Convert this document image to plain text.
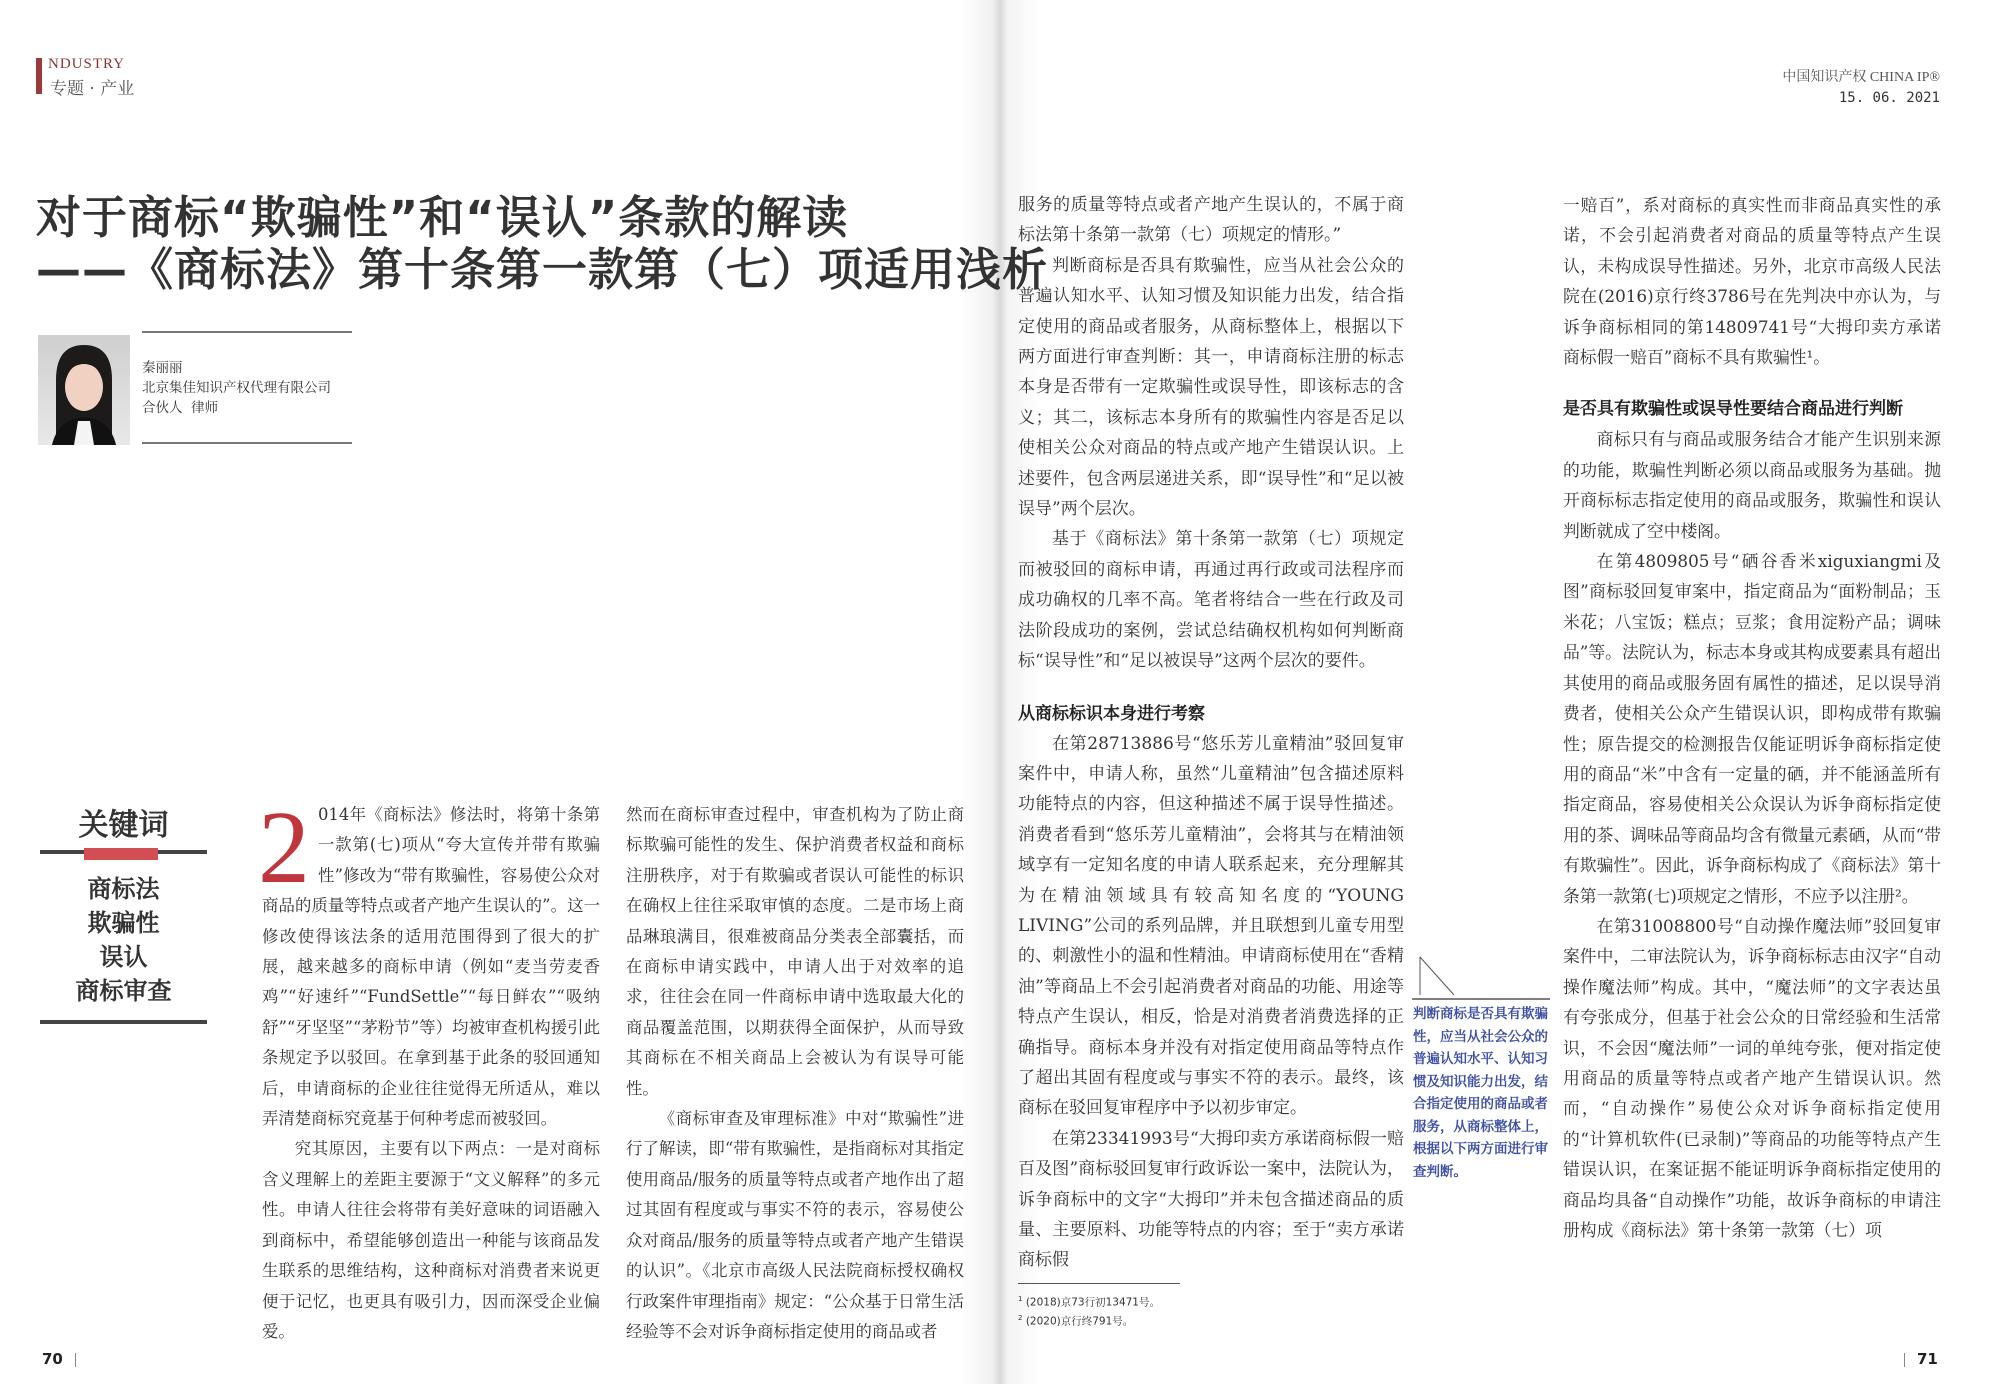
NDUSTRY
专题 · 产业
对于商标“欺骗性”和“误认”条款的解读
——《商标法》第十条第一款第（七）项适用浅析
秦丽丽
北京集佳知识产权代理有限公司
合伙人  律师
关键词
商标法
欺骗性
误认
商标审查

2 014年《商标法》修法时，将第十条第一款第(七)项从“夸大宣传并带有欺骗性”修改为“带有欺骗性，容易使公众对商品的质量等特点或者产地产生误认的”。这一修改使得该法条的适用范围得到了很大的扩展，越来越多的商标申请（例如“麦当劳麦香鸡”“好速纤”“FundSettle”“每日鲜农”“吸纳舒”“牙坚坚”“茅粉节”等）均被审查机构援引此条规定予以驳回。在拿到基于此条的驳回通知后，申请商标的企业往往觉得无所适从，难以弄清楚商标究竟基于何种考虑而被驳回。

究其原因，主要有以下两点：一是对商标含义理解上的差距主要源于“文义解释”的多元性。申请人往往会将带有美好意味的词语融入到商标中，希望能够创造出一种能与该商品发生联系的思维结构，这种商标对消费者来说更便于记忆，也更具有吸引力，因而深受企业偏爱。

然而在商标审查过程中，审查机构为了防止商标欺骗可能性的发生、保护消费者权益和商标注册秩序，对于有欺骗或者误认可能性的标识在确权上往往采取审慎的态度。二是市场上商品琳琅满目，很难被商品分类表全部囊括，而在商标申请实践中，申请人出于对效率的追求，往往会在同一件商标申请中选取最大化的商品覆盖范围，以期获得全面保护，从而导致其商标在不相关商品上会被认为有误导可能性。

《商标审查及审理标准》中对“欺骗性”进行了解读，即“带有欺骗性，是指商标对其指定使用商品/服务的质量等特点或者产地作出了超过其固有程度或与事实不符的表示，容易使公众对商品/服务的质量等特点或者产地产生错误的认识”。《北京市高级人民法院商标授权确权行政案件审理指南》规定：“公众基于日常生活经验等不会对诉争商标指定使用的商品或者

70
中国知识产权 CHINA IP®
15. 06. 2021

服务的质量等特点或者产地产生误认的，不属于商标法第十条第一款第（七）项规定的情形。”

判断商标是否具有欺骗性，应当从社会公众的普遍认知水平、认知习惯及知识能力出发，结合指定使用的商品或者服务，从商标整体上，根据以下两方面进行审查判断：其一，申请商标注册的标志本身是否带有一定欺骗性或误导性，即该标志的含义；其二，该标志本身所有的欺骗性内容是否足以使相关公众对商品的特点或产地产生错误认识。上述要件，包含两层递进关系，即“误导性”和“足以被误导”两个层次。

基于《商标法》第十条第一款第（七）项规定而被驳回的商标申请，再通过再行政或司法程序而成功确权的几率不高。笔者将结合一些在行政及司法阶段成功的案例，尝试总结确权机构如何判断商标“误导性”和“足以被误导”这两个层次的要件。

从商标标识本身进行考察

在第28713886号“悠乐芳儿童精油”驳回复审案件中，申请人称，虽然“儿童精油”包含描述原料功能特点的内容，但这种描述不属于误导性描述。消费者看到“悠乐芳儿童精油”，会将其与在精油领域享有一定知名度的申请人联系起来，充分理解其为在精油领域具有较高知名度的“YOUNG LIVING”公司的系列品牌，并且联想到儿童专用型的、刺激性小的温和性精油。申请商标使用在“香精油”等商品上不会引起消费者对商品的功能、用途等特点产生误认，相反，恰是对消费者消费选择的正确指导。商标本身并没有对指定使用商品等特点作了超出其固有程度或与事实不符的表示。最终，该商标在驳回复审程序中予以初步审定。

在第23341993号“大拇印卖方承诺商标假一赔百及图”商标驳回复审行政诉讼一案中，法院认为，诉争商标中的文字“大拇印”并未包含描述商品的质量、主要原料、功能等特点的内容；至于“卖方承诺商标假

判断商标是否具有欺骗性，应当从社会公众的普遍认知水平、认知习惯及知识能力出发，结合指定使用的商品或者服务，从商标整体上，根据以下两方面进行审查判断。
$^1$ (2018)京73行初13471号。
$^2$ (2020)京行终791号。

一赔百”，系对商标的真实性而非商品真实性的承诺，不会引起消费者对商品的质量等特点产生误认，未构成误导性描述。另外，北京市高级人民法院在(2016)京行终3786号在先判决中亦认为，与诉争商标相同的第14809741号“大拇印卖方承诺商标假一赔百”商标不具有欺骗性¹。

是否具有欺骗性或误导性要结合商品进行判断

商标只有与商品或服务结合才能产生识别来源的功能，欺骗性判断必须以商品或服务为基础。抛开商标标志指定使用的商品或服务，欺骗性和误认判断就成了空中楼阁。

在第4809805号“硒谷香米xiguxiangmi及图”商标驳回复审案中，指定商品为“面粉制品；玉米花；八宝饭；糕点；豆浆；食用淀粉产品；调味品”等。法院认为，标志本身或其构成要素具有超出其使用的商品或服务固有属性的描述，足以误导消费者，使相关公众产生错误认识，即构成带有欺骗性；原告提交的检测报告仅能证明诉争商标指定使用的商品“米”中含有一定量的硒，并不能涵盖所有指定商品，容易使相关公众误认为诉争商标指定使用的茶、调味品等商品均含有微量元素硒，从而“带有欺骗性”。因此，诉争商标构成了《商标法》第十条第一款第(七)项规定之情形，不应予以注册²。

在第31008800号“自动操作魔法师”驳回复审案件中，二审法院认为，诉争商标标志由汉字“自动操作魔法师”构成。其中，“魔法师”的文字表达虽有夸张成分，但基于社会公众的日常经验和生活常识，不会因“魔法师”一词的单纯夸张，便对指定使用商品的质量等特点或者产地产生错误认识。然而，“自动操作”易使公众对诉争商标指定使用的“计算机软件(已录制)”等商品的功能等特点产生错误认识，在案证据不能证明诉争商标指定使用的商品均具备“自动操作”功能，故诉争商标的申请注册构成《商标法》第十条第一款第（七）项

71
